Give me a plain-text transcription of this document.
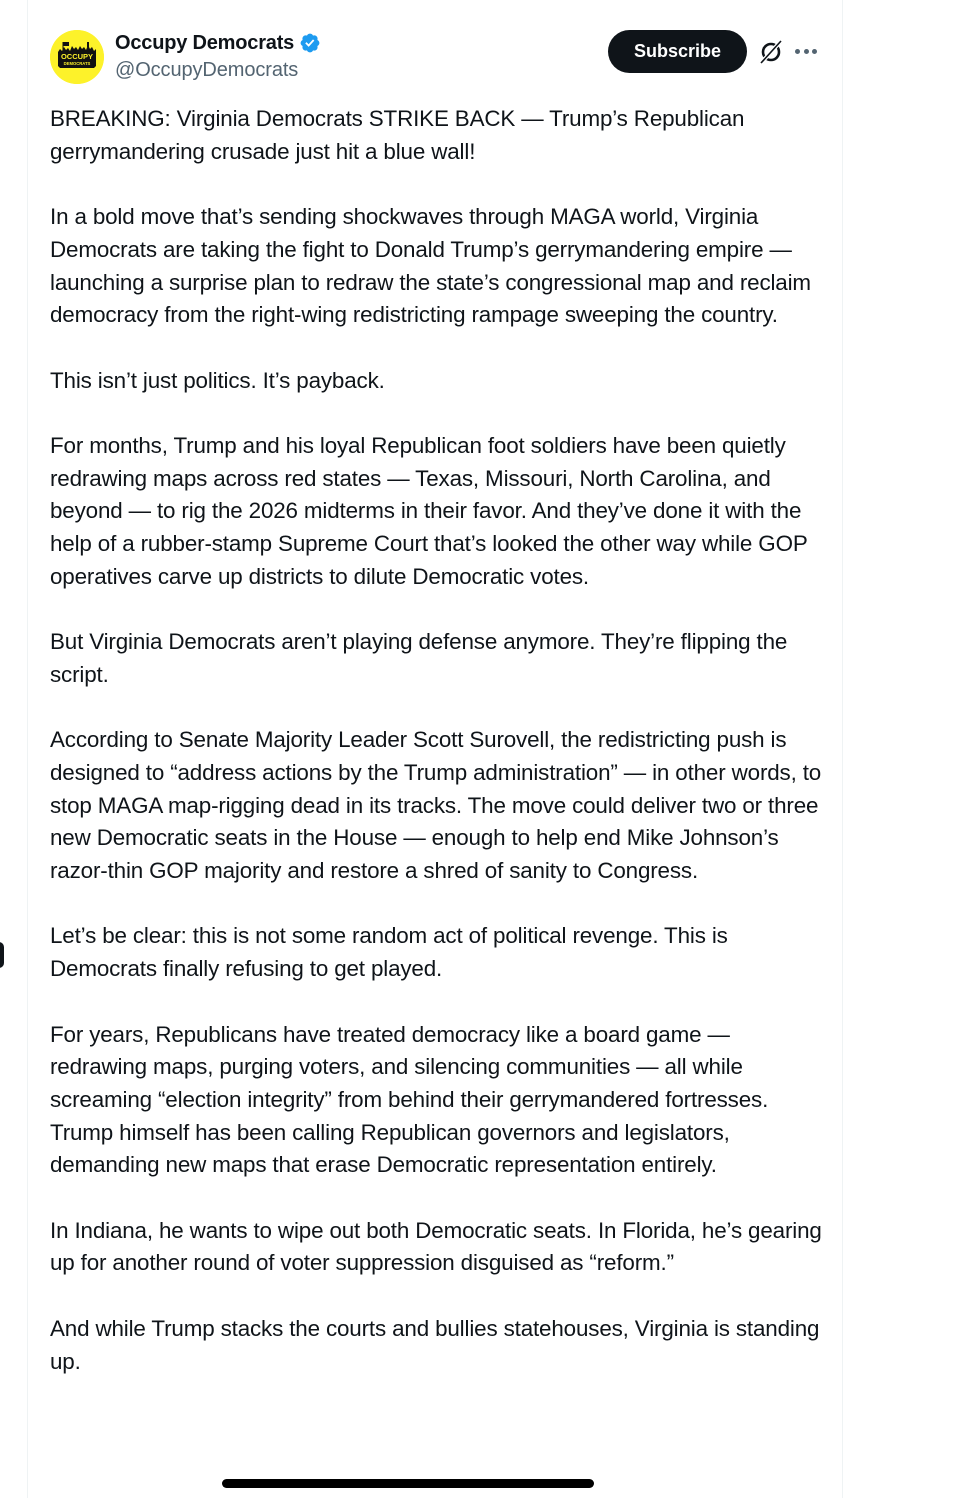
OCCUPY
DEMOCRATS
Occupy Democrats
@OccupyDemocrats
Subscribe

BREAKING: Virginia Democrats STRIKE BACK — Trump’s Republican gerrymandering crusade just hit a blue wall!

In a bold move that’s sending shockwaves through MAGA world, Virginia Democrats are taking the fight to Donald Trump’s gerrymandering empire — launching a surprise plan to redraw the state’s congressional map and reclaim democracy from the right-wing redistricting rampage sweeping the country.

This isn’t just politics. It’s payback.

For months, Trump and his loyal Republican foot soldiers have been quietly redrawing maps across red states — Texas, Missouri, North Carolina, and beyond — to rig the 2026 midterms in their favor. And they’ve done it with the help of a rubber-stamp Supreme Court that’s looked the other way while GOP operatives carve up districts to dilute Democratic votes.

But Virginia Democrats aren’t playing defense anymore. They’re flipping the script.

According to Senate Majority Leader Scott Surovell, the redistricting push is designed to “address actions by the Trump administration” — in other words, to stop MAGA map-rigging dead in its tracks. The move could deliver two or three new Democratic seats in the House — enough to help end Mike Johnson’s razor-thin GOP majority and restore a shred of sanity to Congress.

Let’s be clear: this is not some random act of political revenge. This is Democrats finally refusing to get played.

For years, Republicans have treated democracy like a board game — redrawing maps, purging voters, and silencing communities — all while screaming “election integrity” from behind their gerrymandered fortresses. Trump himself has been calling Republican governors and legislators, demanding new maps that erase Democratic representation entirely.

In Indiana, he wants to wipe out both Democratic seats. In Florida, he’s gearing up for another round of voter suppression disguised as “reform.”

And while Trump stacks the courts and bullies statehouses, Virginia is standing up.
